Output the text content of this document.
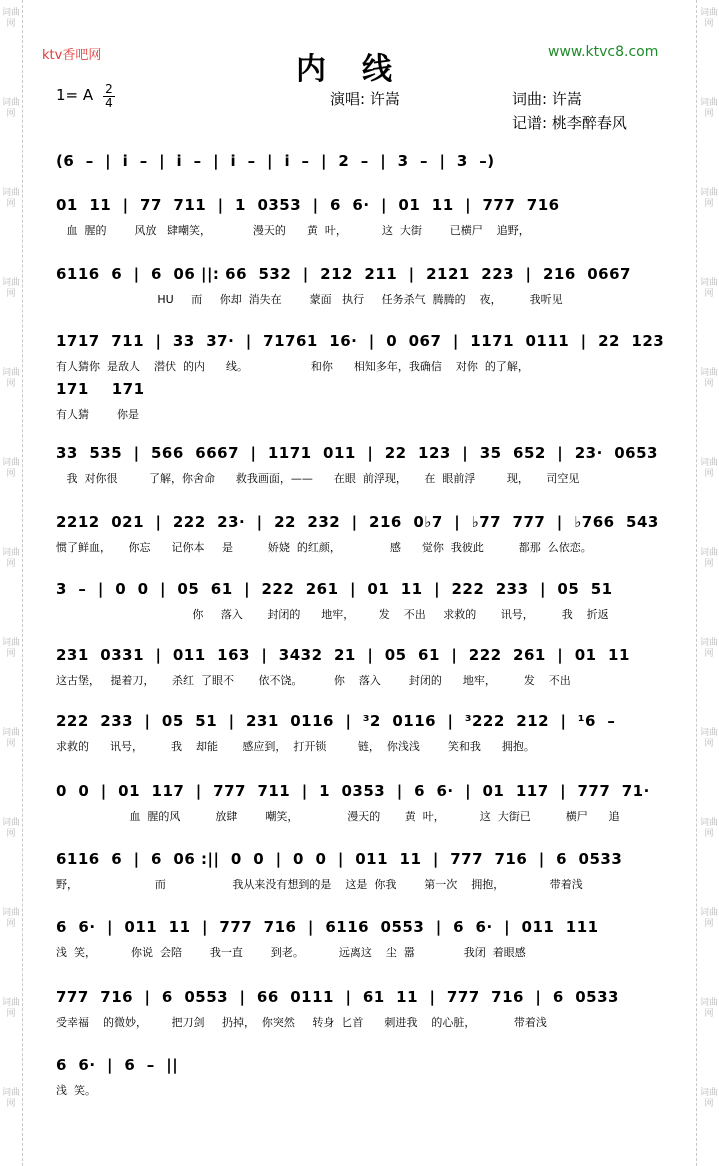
词曲网
词曲网
词曲网
词曲网
词曲网
词曲网
词曲网
词曲网
词曲网
词曲网
词曲网
词曲网
词曲网
词曲网
词曲网
词曲网
词曲网
词曲网
词曲网
词曲网
词曲网
词曲网
词曲网
词曲网
词曲网
词曲网
ktv香吧网	内线	www.ktvc8.com
1= A 2
4	演唱: 许嵩	词曲: 许嵩
记谱: 桃李醉春风
(6  –  |  i  –  |  i  –  |  i  –  |  i  –  |  2  –  |  3  –  |  3  –)
01  11  |  77  711  |  1  0353  |  6  6·  |  01  11  |  777  716
血  腥的        风放   肆嘲笑，            漫天的      黄  叶，          这  大街        已横尸    追野，
6116  6  |  6  06 ||: 66  532  |  212  211  |  2121  223  |  216  0667
HU     而     你却  消失在        蒙面   执行     任务杀气  腾腾的    夜，        我听见
1717  711  |  33  37·  |  71761  16·  |  0  067  |  1171  0111  |  22  123
有人猜你  是敌人    潜伏  的内      线。                  和你      相知多年，我确信    对你  的了解，
171    171
有人猜        你是
33  535  |  566  6667  |  1171  011  |  22  123  |  35  652  |  23·  0653
我  对你很         了解，你舍命      救我画面，——      在眼  前浮现，     在  眼前浮         现，     司空见
2212  021  |  222  23·  |  22  232  |  216  0♭7  |  ♭77  777  |  ♭766  543
惯了鲜血，     你忘      记你本     是          娇娆  的红颜，              感      觉你  我彼此          都那  么依恋。
3  –  |  0  0  |  05  61  |  222  261  |  01  11  |  222  233  |  05  51
你     落入       封闭的      地牢，       发    不出     求救的       讯号，        我    折返
231  0331  |  011  163  |  3432  21  |  05  61  |  222  261  |  01  11
这古堡，   提着刀，     杀红  了眼不       依不饶。         你    落入        封闭的      地牢，        发    不出
222  233  |  05  51  |  231  0116  |  ³2  0116  |  ³222  212  |  ¹6  –
求救的      讯号，        我    却能       感应到，  打开锁         链，  你浅浅        笑和我      拥抱。
0  0  |  01  117  |  777  711  |  1  0353  |  6  6·  |  01  117  |  777  71·
血  腥的风          放肆        嘲笑，              漫天的       黄  叶，          这  大街已          横尸      追
6116  6  |  6  06 :||  0  0  |  0  0  |  011  11  |  777  716  |  6  0533
野，                      而                   我从来没有想到的是    这是  你我        第一次    拥抱，             带着浅
6  6·  |  011  11  |  777  716  |  6116  0553  |  6  6·  |  011  111
浅  笑，          你说  会陪        我一直        到老。          远离这    尘  嚣              我闭  着眼感
777  716  |  6  0553  |  66  0111  |  61  11  |  777  716  |  6  0533
受幸福    的微妙，       把刀剑     扔掉，  你突然     转身  匕首      刺进我    的心脏，           带着浅
6  6·  |  6  –  ||
浅  笑。
